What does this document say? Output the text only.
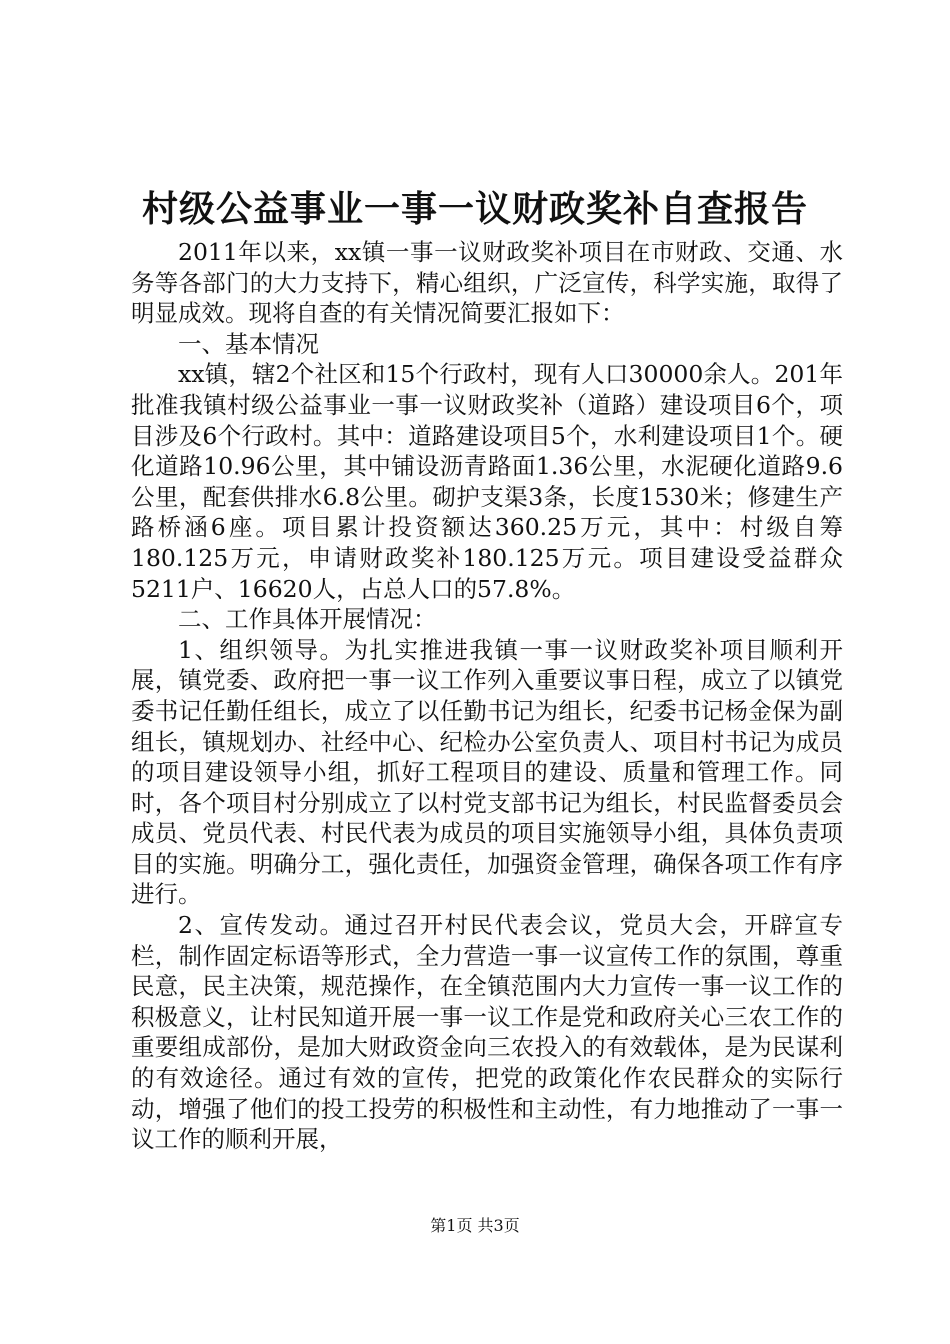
村级公益事业一事一议财政奖补自查报告

2011年以来，xx镇一事一议财政奖补项目在市财政、交通、水务等各部门的大力支持下，精心组织，广泛宣传，科学实施，取得了明显成效。现将自查的有关情况简要汇报如下：

一、基本情况

xx镇，辖2个社区和15个行政村，现有人口30000余人。201年批准我镇村级公益事业一事一议财政奖补（道路）建设项目6个，项目涉及6个行政村。其中：道路建设项目5个，水利建设项目1个。硬化道路10.96公里，其中铺设沥青路面1.36公里，水泥硬化道路9.6公里，配套供排水6.8公里。砌护支渠3条，长度1530米；修建生产路桥涵6座。项目累计投资额达360.25万元，其中：村级自筹180.125万元，申请财政奖补180.125万元。项目建设受益群众5211户、16620人，占总人口的57.8%。

二、工作具体开展情况：

1、组织领导。为扎实推进我镇一事一议财政奖补项目顺利开展，镇党委、政府把一事一议工作列入重要议事日程，成立了以镇党委书记任勤任组长，成立了以任勤书记为组长，纪委书记杨金保为副组长，镇规划办、社经中心、纪检办公室负责人、项目村书记为成员的项目建设领导小组，抓好工程项目的建设、质量和管理工作。同时，各个项目村分别成立了以村党支部书记为组长，村民监督委员会成员、党员代表、村民代表为成员的项目实施领导小组，具体负责项目的实施。明确分工，强化责任，加强资金管理，确保各项工作有序进行。

2、宣传发动。通过召开村民代表会议，党员大会，开辟宣专栏，制作固定标语等形式，全力营造一事一议宣传工作的氛围，尊重民意，民主决策，规范操作，在全镇范围内大力宣传一事一议工作的积极意义，让村民知道开展一事一议工作是党和政府关心三农工作的重要组成部份，是加大财政资金向三农投入的有效载体，是为民谋利的有效途径。通过有效的宣传，把党的政策化作农民群众的实际行动，增强了他们的投工投劳的积极性和主动性，有力地推动了一事一议工作的顺利开展，

第1页 共3页
